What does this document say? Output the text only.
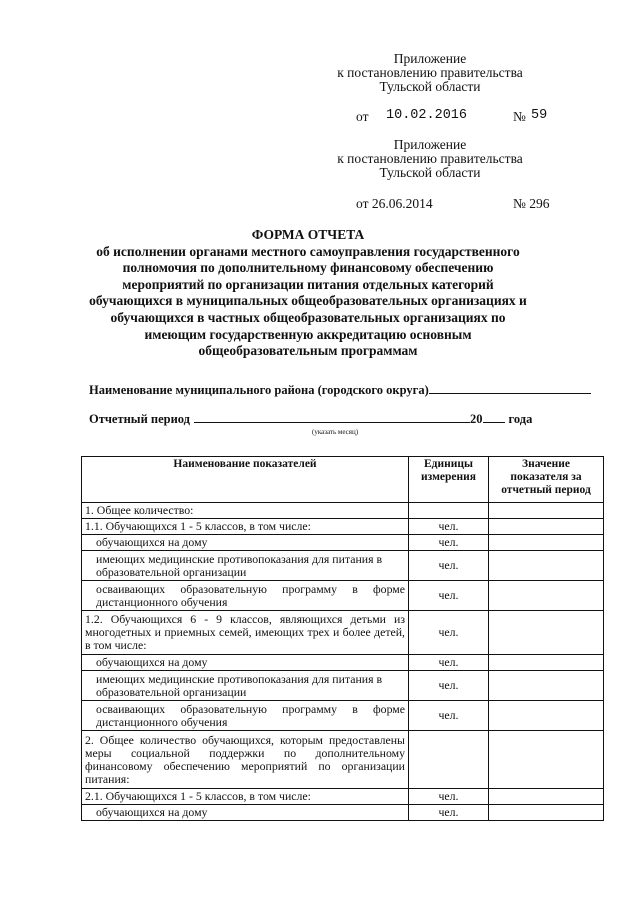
Приложение
к постановлению правительства
Тульской области
от 10.02.2016	№ 59
Приложение
к постановлению правительства
Тульской области
от 26.06.2014	№ 296
ФОРМА ОТЧЕТА
об исполнении органами местного самоуправления государственного
полномочия по дополнительному финансовому обеспечению
мероприятий по организации питания отдельных категорий
обучающихся в муниципальных общеобразовательных организациях и
обучающихся в частных общеобразовательных организациях по
имеющим государственную аккредитацию основным
общеобразовательным программам
Наименование муниципального района (городского округа)
Отчетный период	20 года
(указать месяц)
Наименование показателей	Единицы измерения	Значение показателя за отчетный период
1. Общее количество:		
1.1. Обучающихся 1 - 5 классов, в том числе:	чел.	
обучающихся на дому	чел.	
имеющих медицинские противопоказания для питания в образовательной организации	чел.	
осваивающих образовательную программу в форме дистанционного обучения	чел.	
1.2. Обучающихся 6 - 9 классов, являющихся детьми из многодетных и приемных семей, имеющих трех и более детей, в том числе:	чел.	
обучающихся на дому	чел.	
имеющих медицинские противопоказания для питания в образовательной организации	чел.	
осваивающих образовательную программу в форме дистанционного обучения	чел.	
2. Общее количество обучающихся, которым предоставлены меры социальной поддержки по дополнительному финансовому обеспечению мероприятий по организации питания:		
2.1. Обучающихся 1 - 5 классов, в том числе:	чел.	
обучающихся на дому	чел.	
